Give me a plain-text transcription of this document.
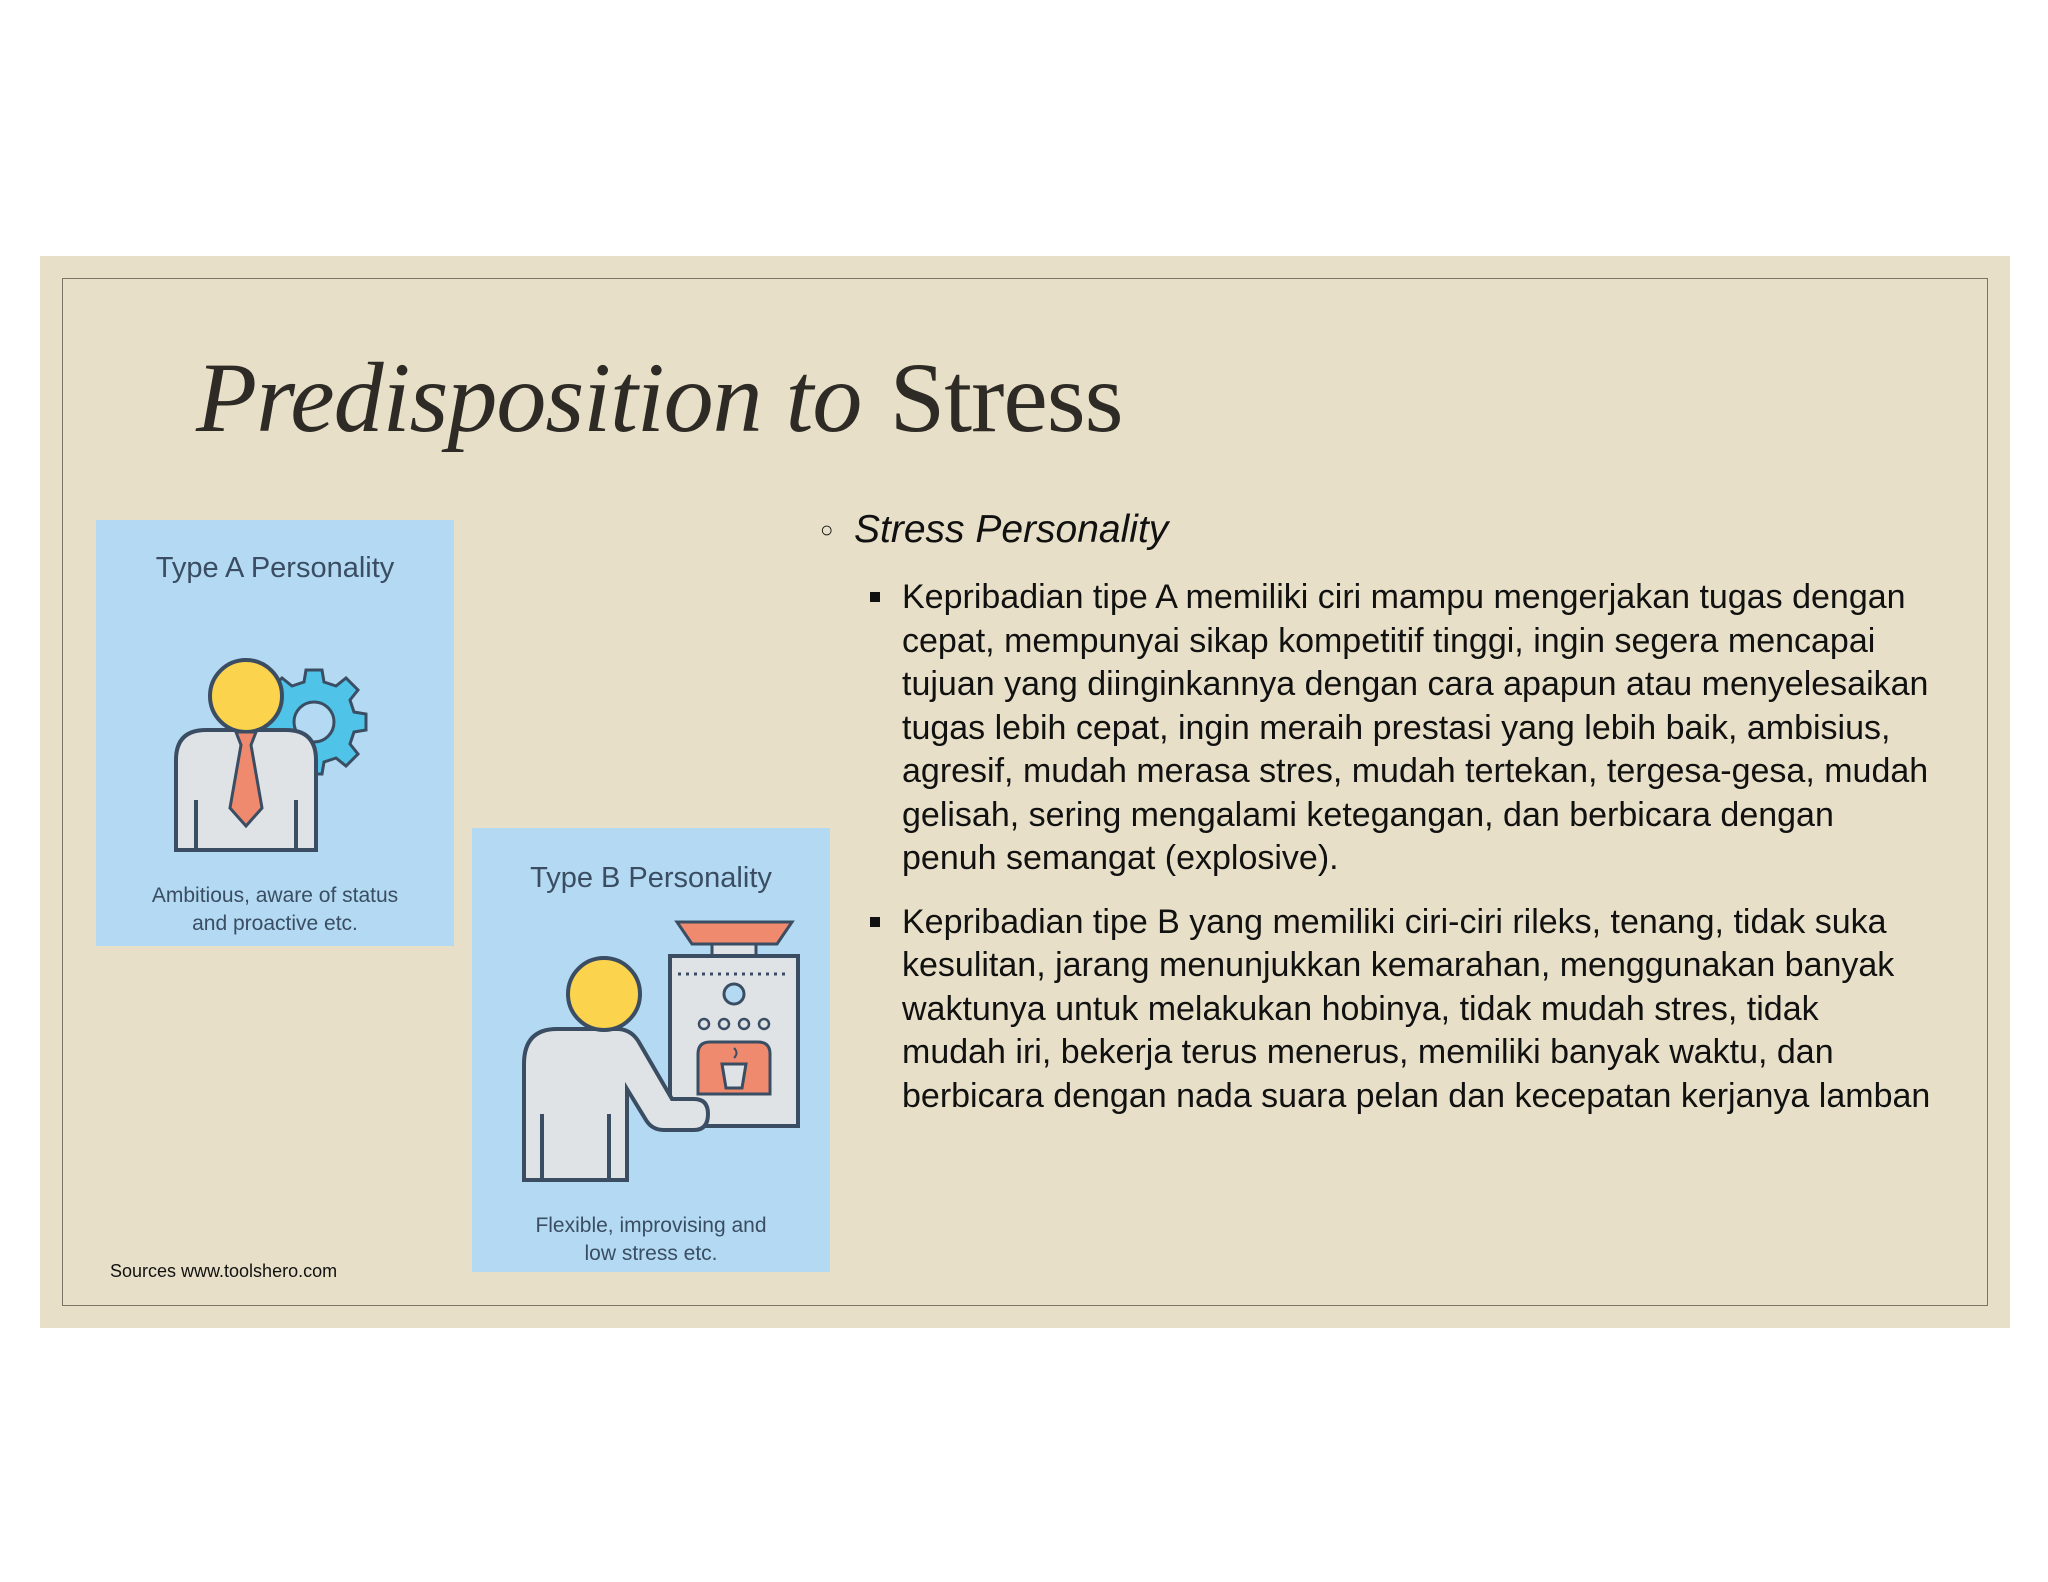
Predisposition to Stress
Type A Personality
Ambitious, aware of status
and proactive etc.
Type B Personality
Flexible, improvising and
low stress etc.
○ Stress Personality
Kepribadian tipe A memiliki ciri mampu mengerjakan tugas dengan cepat, mempunyai sikap kompetitif tinggi, ingin segera mencapai tujuan yang diinginkannya dengan cara apapun atau menyelesaikan tugas lebih cepat, ingin meraih prestasi yang lebih baik, ambisius, agresif, mudah merasa stres, mudah tertekan, tergesa-gesa, mudah gelisah, sering mengalami ketegangan, dan berbicara dengan penuh semangat (explosive).
Kepribadian tipe B yang memiliki ciri-ciri rileks, tenang, tidak suka kesulitan, jarang menunjukkan kemarahan, menggunakan banyak waktunya untuk melakukan hobinya, tidak mudah stres, tidak mudah iri, bekerja terus menerus, memiliki banyak waktu, dan berbicara dengan nada suara pelan dan kecepatan kerjanya lamban
Sources www.toolshero.com
